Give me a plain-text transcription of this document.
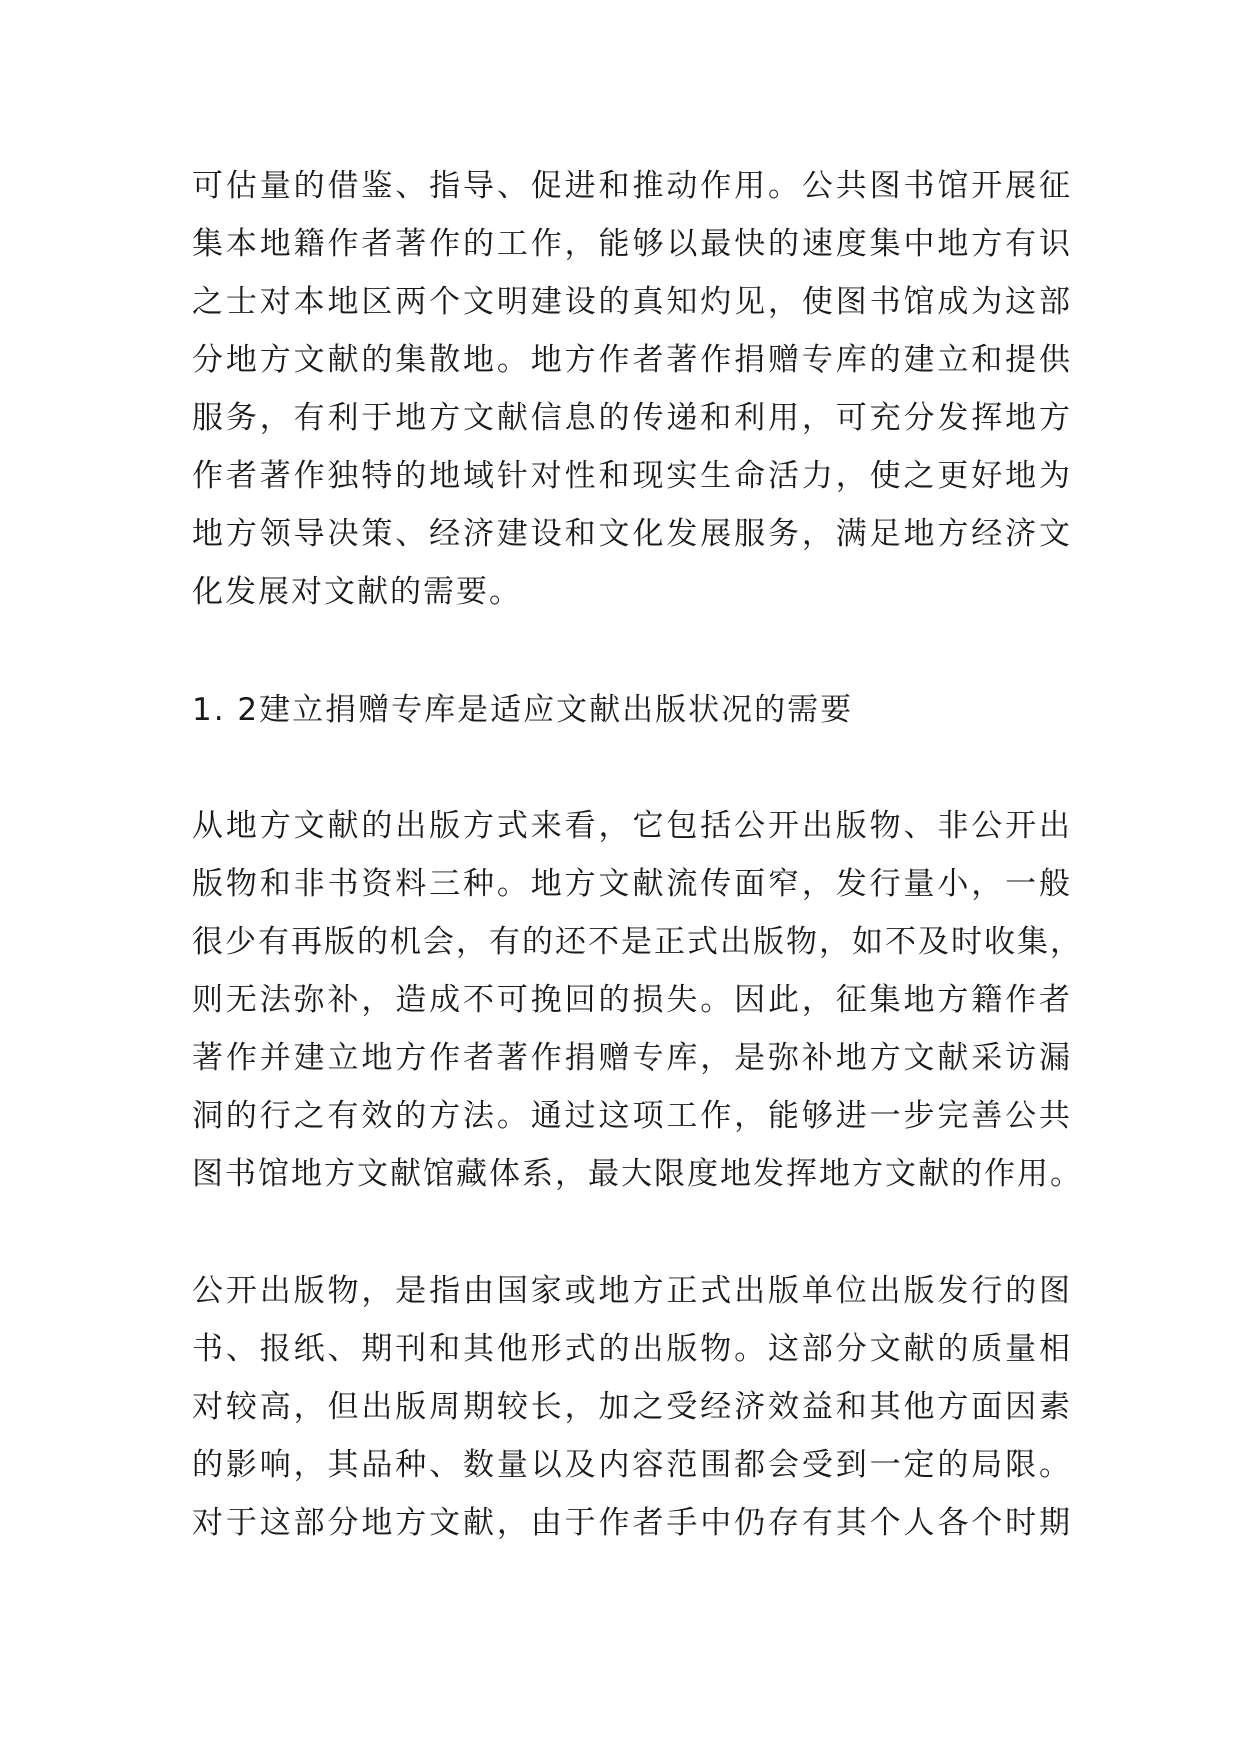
可估量的借鉴、指导、促进和推动作用。公共图书馆开展征
集本地籍作者著作的工作，能够以最快的速度集中地方有识
之士对本地区两个文明建设的真知灼见，使图书馆成为这部
分地方文献的集散地。地方作者著作捐赠专库的建立和提供
服务，有利于地方文献信息的传递和利用，可充分发挥地方
作者著作独特的地域针对性和现实生命活力，使之更好地为
地方领导决策、经济建设和文化发展服务，满足地方经济文
化发展对文献的需要。
1. 2建立捐赠专库是适应文献出版状况的需要
从地方文献的出版方式来看，它包括公开出版物、非公开出
版物和非书资料三种。地方文献流传面窄，发行量小，一般
很少有再版的机会，有的还不是正式出版物，如不及时收集，
则无法弥补，造成不可挽回的损失。因此，征集地方籍作者
著作并建立地方作者著作捐赠专库，是弥补地方文献采访漏
洞的行之有效的方法。通过这项工作，能够进一步完善公共
图书馆地方文献馆藏体系，最大限度地发挥地方文献的作用。
公开出版物，是指由国家或地方正式出版单位出版发行的图
书、报纸、期刊和其他形式的出版物。这部分文献的质量相
对较高，但出版周期较长，加之受经济效益和其他方面因素
的影响，其品种、数量以及内容范围都会受到一定的局限。
对于这部分地方文献，由于作者手中仍存有其个人各个时期
